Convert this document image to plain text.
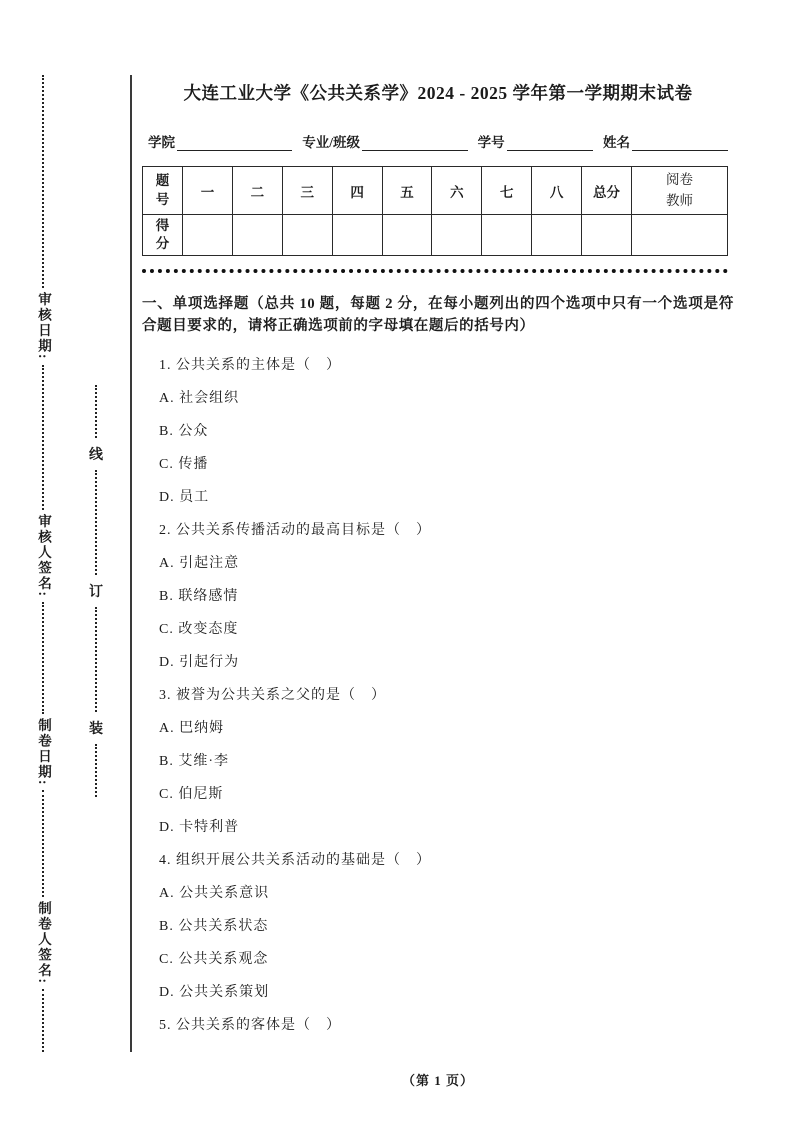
审核日期:
审核人签名:
制卷日期:
制卷人签名:
线
订
装
大连工业大学《公共关系学》2024 - 2025 学年第一学期期末试卷
学院	专业/班级	学号	姓名
题号	一	二	三	四	五	六	七	八	总分	阅卷教师
得分										
一、单项选择题（总共 10 题，每题 2 分，在每小题列出的四个选项中只有一个选项是符合题目要求的，请将正确选项前的字母填在题后的括号内）
1. 公共关系的主体是（　）
A. 社会组织
B. 公众
C. 传播
D. 员工
2. 公共关系传播活动的最高目标是（　）
A. 引起注意
B. 联络感情
C. 改变态度
D. 引起行为
3. 被誉为公共关系之父的是（　）
A. 巴纳姆
B. 艾维·李
C. 伯尼斯
D. 卡特利普
4. 组织开展公共关系活动的基础是（　）
A. 公共关系意识
B. 公共关系状态
C. 公共关系观念
D. 公共关系策划
5. 公共关系的客体是（　）
（第 1 页）
